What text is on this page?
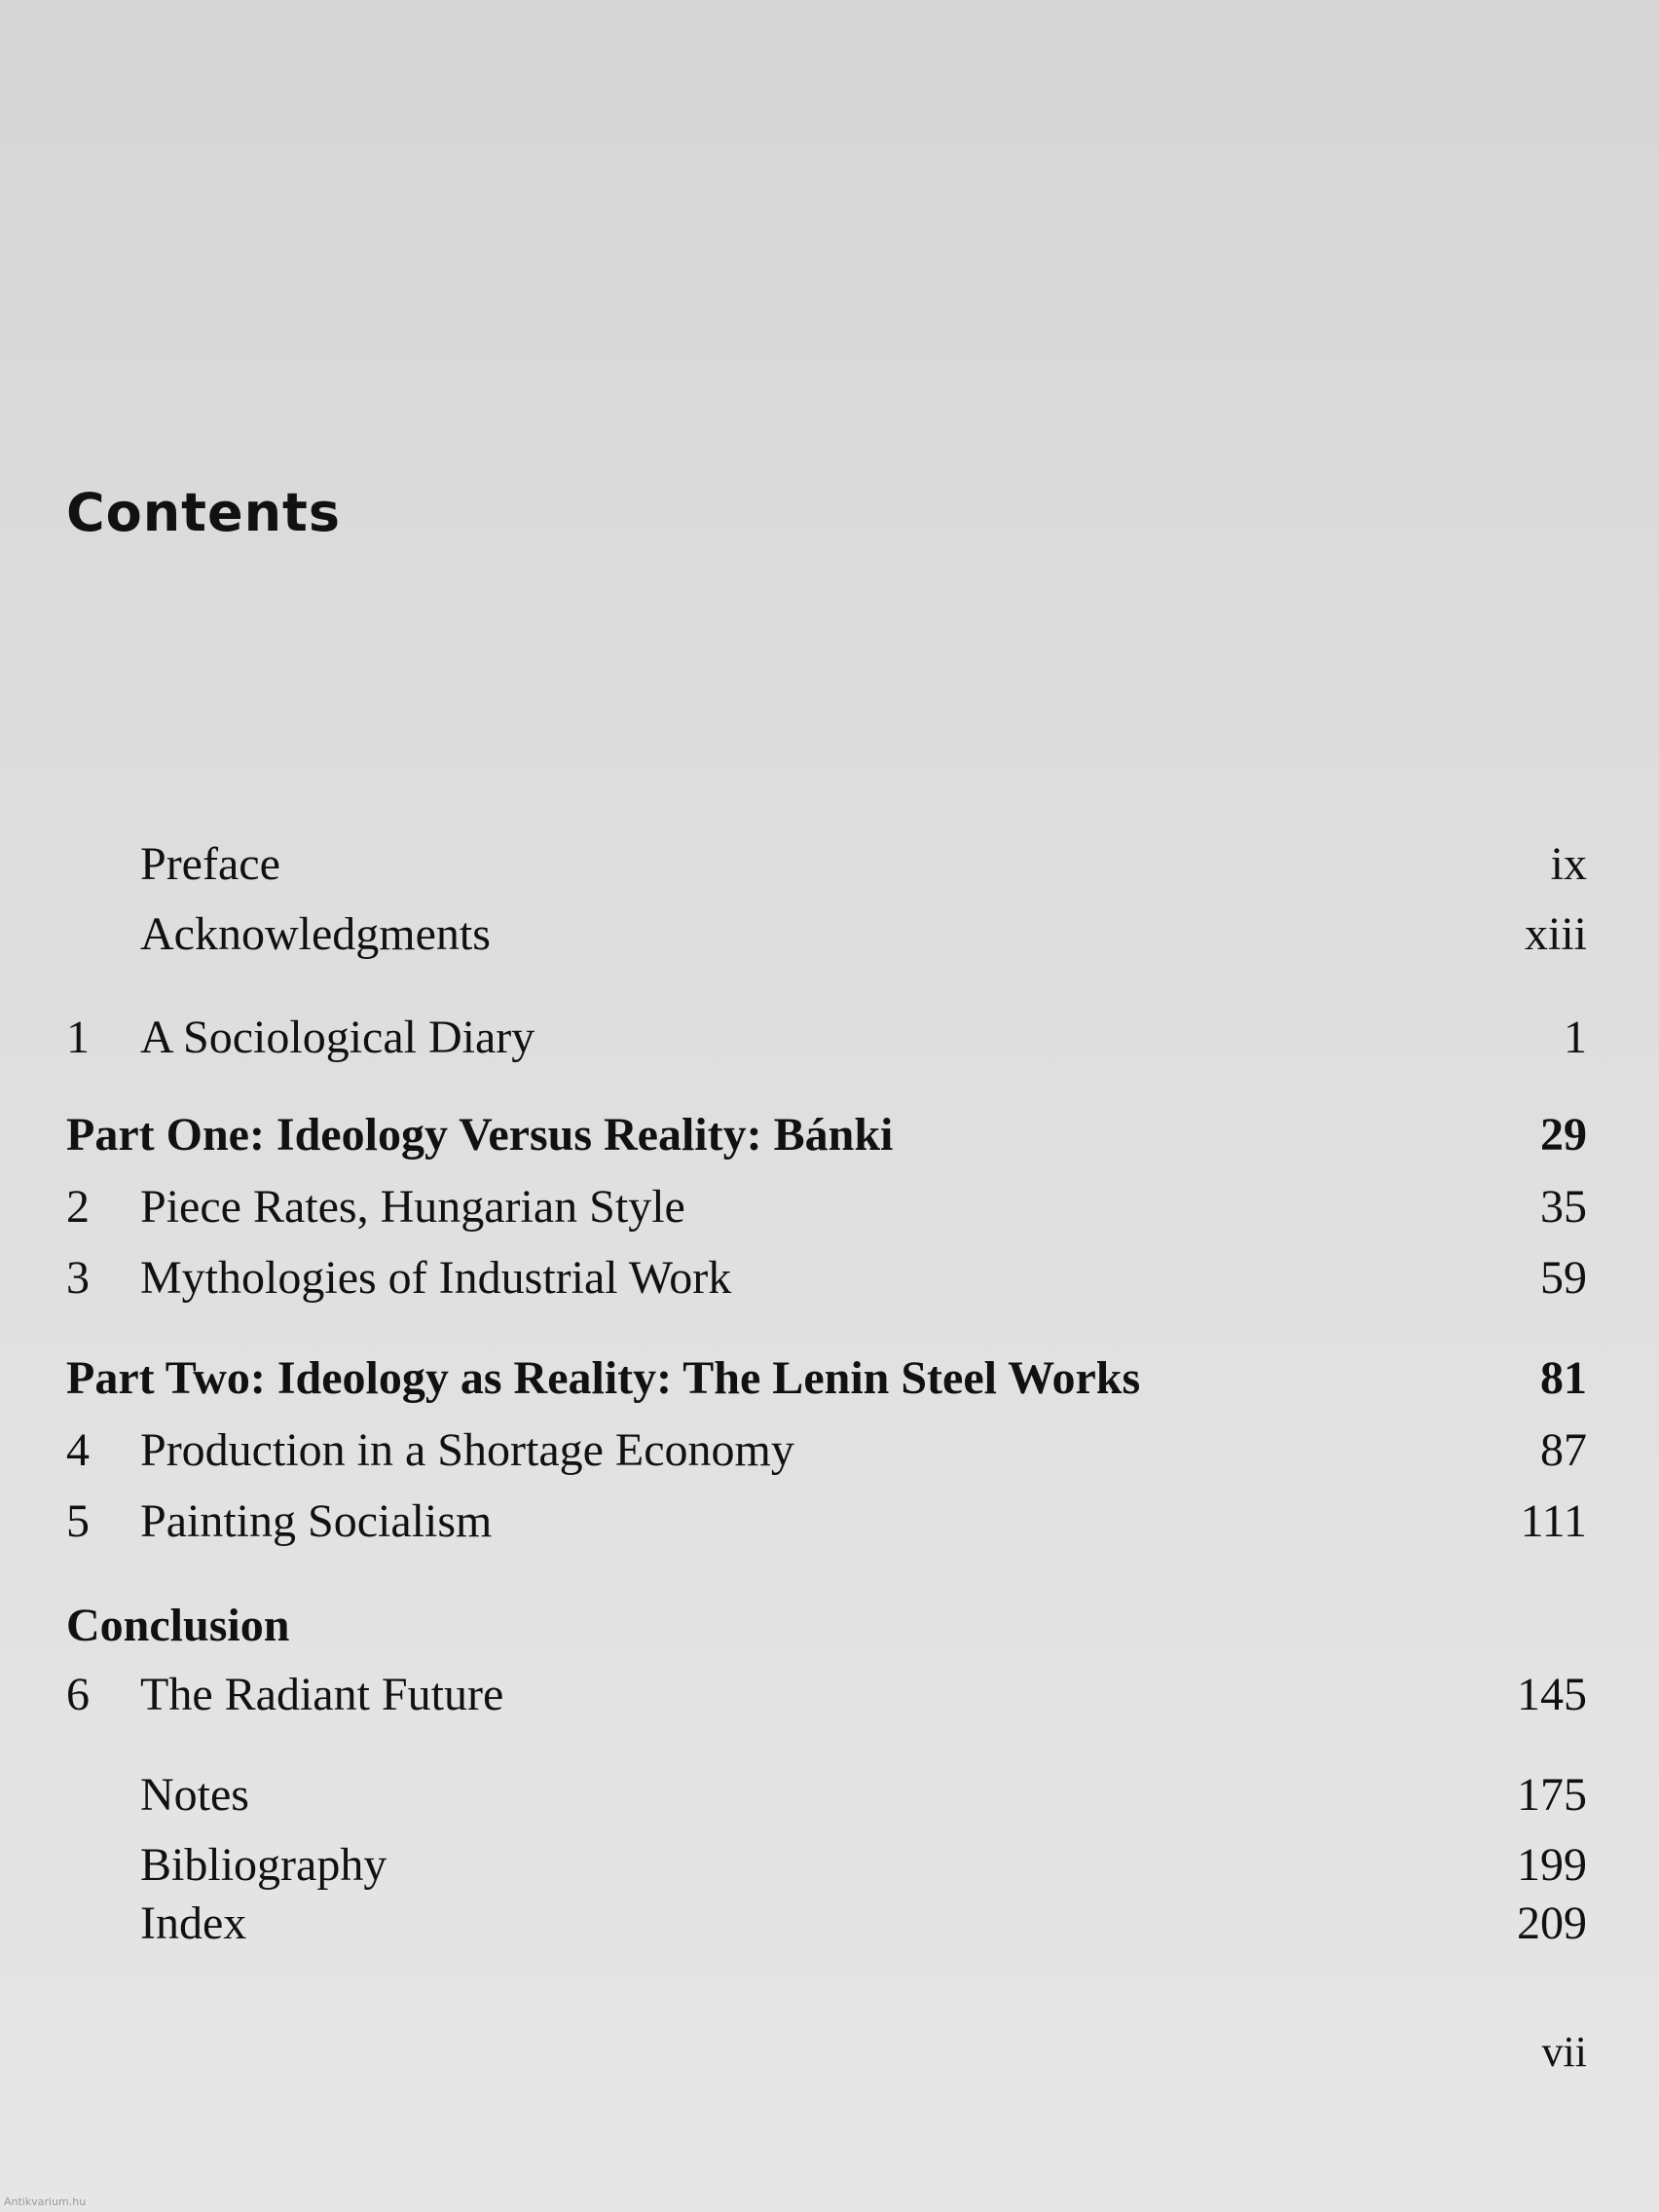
Contents
Preface	ix
Acknowledgments	xiii
1	A Sociological Diary	1
Part One: Ideology Versus Reality: Bánki	29
2	Piece Rates, Hungarian Style	35
3	Mythologies of Industrial Work	59
Part Two: Ideology as Reality: The Lenin Steel Works	81
4	Production in a Shortage Economy	87
5	Painting Socialism	111
Conclusion
6	The Radiant Future	145
Notes	175
Bibliography	199
Index	209
vii
Antikvarium.hu
